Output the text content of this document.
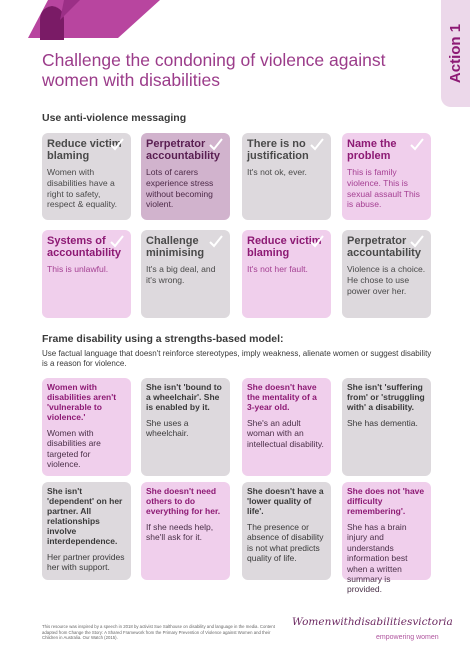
Action 1
Challenge the condoning of violence against women with disabilities
Use anti-violence messaging
Reduce victim blaming

Women with disabilities have a right to safety, respect & equality.

Perpetrator accountability

Lots of carers experience stress without becoming violent.

There is no justification

It's not ok, ever.

Name the problem

This is family violence. This is sexual assault This is abuse.

Systems of accountability

This is unlawful.

Challenge minimising

It's a big deal, and it's wrong.

Reduce victim blaming

It's not her fault.

Perpetrator accountability

Violence is a choice. He chose to use power over her.

Frame disability using a strengths-based model:

Use factual language that doesn't reinforce stereotypes, imply weakness, alienate women or suggest disability is a reason for violence.

Women with disabilities aren't 'vulnerable to violence.'

Women with disabilities are targeted for violence.

She isn't 'bound to a wheelchair'. She is enabled by it.

She uses a wheelchair.

She doesn't have the mentality of a 3-year old.

She's an adult woman with an intellectual disability.

She isn't 'suffering from' or 'struggling with' a disability.

She has dementia.

She isn't 'dependent' on her partner. All relationships involve interdependence.

Her partner provides her with support.

She doesn't need others to do everything for her.

If she needs help, she'll ask for it.

She doesn't have a 'lower quality of life'.

The presence or absence of disability is not what predicts quality of life.

She does not 'have difficulty remembering'.

She has a brain injury and understands information best when a written summary is provided.

This resource was inspired by a speech in 2018 by activist Sue Salthouse on disability and language in the media. Content adapted from Change the Story: A Shared Framework from the Primary Prevention of Violence against Women and their Children in Australia. Our Watch (2015).
Womenwithdisabilitiesvictoria
empowering women
